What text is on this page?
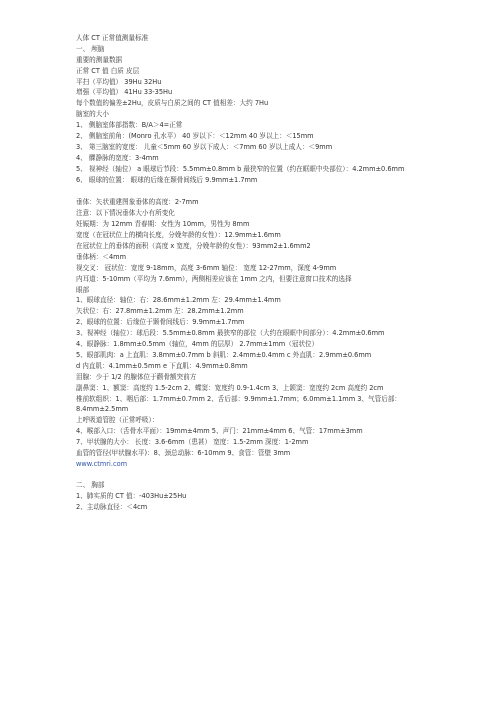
人体 CT 正常值测量标准
一、 颅脑
重要的测量数据
正常 CT 值 白质 皮层
平扫（平均值） 39Hu 32Hu
增强（平均值） 41Hu 33-35Hu
每个数值的偏差±2Hu，皮质与白质之间的 CT 值相差：大约 7Hu
脑室的大小
1、 侧脑室体部指数：B/A＞4=正常
2、 侧脑室前角：(Monro 孔水平） 40 岁以下：＜12mm 40 岁以上：＜15mm
3、 第三脑室的宽度： 儿童＜5mm 60 岁以下成人：＜7mm 60 岁以上成人：＜9mm
4、 髁静脉的宽度：3-4mm
5、 视神经（轴位） a 眼球后节段：5.5mm±0.8mm b 最狭窄的位置（约在眶眶中央部位）：4.2mm±0.6mm
6、 眼球的位置： 眼球的后缘在颞骨间线后 9.9mm±1.7mm
垂体：矢状重建图象垂体的高度：2-7mm
注意：以下情况垂体大小有所变化
妊娠期：为 12mm 青春期：女性为 10mm，男性为 8mm
宽度（在冠状位上的横向长度，分娩年龄的女性）：12.9mm±1.6mm
在冠状位上的垂体的面积（高度 x 宽度，分娩年龄的女性）：93mm2±1.6mm2
垂体柄：＜4mm
视交叉： 冠状位：宽度 9-18mm，高度 3-6mm 轴位： 宽度 12-27mm，深度 4-9mm
内耳道：5-10mm（平均为 7.6mm），两侧相差应该在 1mm 之内，但要注意窗口技术的选择
眼部
1、眼球直径：轴位：右：28.6mm±1.2mm 左：29.4mm±1.4mm
矢状位：右：27.8mm±1.2mm 左：28.2mm±1.2mm
2、眼球的位置：后缘位于颞骨间线后：9.9mm±1.7mm
3、视神经（轴位）：球后段：5.5mm±0.8mm 最狭窄的部位（大约在眼眶中间部分）：4.2mm±0.6mm
4、眼静脉：1.8mm±0.5mm（轴位，4mm 的层厚） 2.7mm±1mm（冠状位）
5、眼部肌肉：a 上直肌：3.8mm±0.7mm b 斜肌：2.4mm±0.4mm c 外直肌：2.9mm±0.6mm
d 内直肌：4.1mm±0.5mm e 下直肌：4.9mm±0.8mm
泪腺：少于 1/2 的腺体位于颧骨额突前方
副鼻窦：1、额窦：高度约 1.5-2cm 2、蝶窦：宽度约 0.9-1.4cm 3、上颌窦：宽度约 2cm 高度约 2cm
椎前软组织：1、咽后部：1.7mm±0.7mm 2、舌后部：9.9mm±1.7mm；6.0mm±1.1mm 3、气管后部：
8.4mm±2.5mm
上呼吸道管腔（正常呼吸）：
4、喉部入口：（舌骨水平面）：19mm±4mm 5、声门：21mm±4mm 6、气管：17mm±3mm
7、甲状腺的大小： 长度：3.6-6mm（患甚） 宽度：1.5-2mm 深度：1-2mm
血管的管径(甲状腺水平)：8、颈总动脉：6-10mm 9、食管：管壁 3mm
www.ctmri.com
二、 胸部
1、肺实质的 CT 值：-403Hu±25Hu
2、主动脉直径：＜4cm
